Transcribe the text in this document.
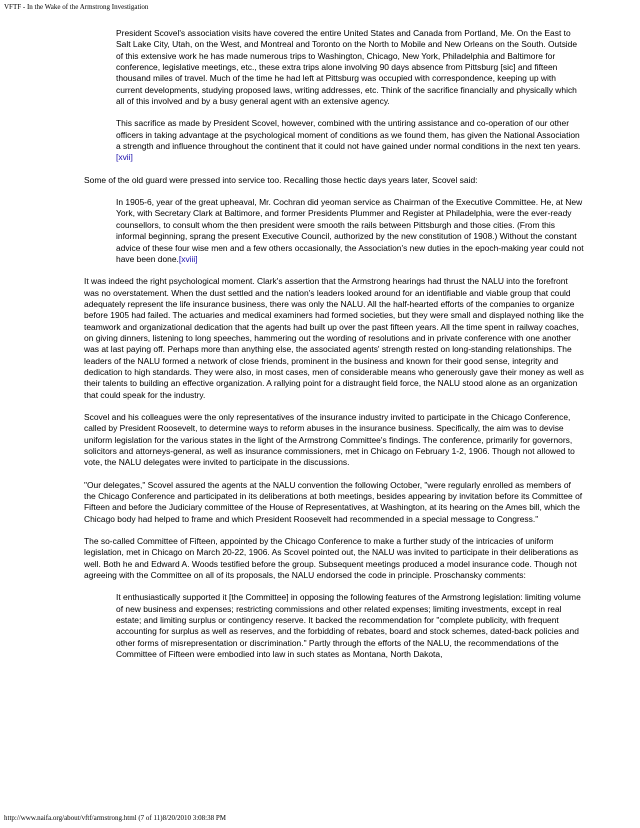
VFTF - In the Wake of the Armstrong Investigation

President Scovel's association visits have covered the entire United States and Canada from Portland, Me. On the East to Salt Lake City, Utah, on the West, and Montreal and Toronto on the North to Mobile and New Orleans on the South. Outside of this extensive work he has made numerous trips to Washington, Chicago, New York, Philadelphia and Baltimore for conference, legislative meetings, etc., these extra trips alone involving 90 days absence from Pittsburg [sic] and fifteen thousand miles of travel. Much of the time he had left at Pittsburg was occupied with correspondence, keeping up with current developments, studying proposed laws, writing addresses, etc. Think of the sacrifice financially and physically which all of this involved and by a busy general agent with an extensive agency.

This sacrifice as made by President Scovel, however, combined with the untiring assistance and co-operation of our other officers in taking advantage at the psychological moment of conditions as we found them, has given the National Association a strength and influence throughout the continent that it could not have gained under normal conditions in the next ten years.[xvii]

Some of the old guard were pressed into service too. Recalling those hectic days years later, Scovel said:

In 1905-6, year of the great upheaval, Mr. Cochran did yeoman service as Chairman of the Executive Committee. He, at New York, with Secretary Clark at Baltimore, and former Presidents Plummer and Register at Philadelphia, were the ever-ready counsellors, to consult whom the then president were smooth the rails between Pittsburgh and those cities. (From this informal beginning, sprang the present Executive Council, authorized by the new constitution of 1908.) Without the constant advice of these four wise men and a few others occasionally, the Association's new duties in the epoch-making year could not have been done.[xviii]

It was indeed the right psychological moment. Clark's assertion that the Armstrong hearings had thrust the NALU into the forefront was no overstatement. When the dust settled and the nation's leaders looked around for an identifiable and viable group that could adequately represent the life insurance business, there was only the NALU. All the half-hearted efforts of the companies to organize before 1905 had failed. The actuaries and medical examiners had formed societies, but they were small and displayed nothing like the teamwork and organizational dedication that the agents had built up over the past fifteen years. All the time spent in railway coaches, on giving dinners, listening to long speeches, hammering out the wording of resolutions and in private conference with one another was at last paying off. Perhaps more than anything else, the associated agents' strength rested on long-standing relationships. The leaders of the NALU formed a network of close friends, prominent in the business and known for their good sense, integrity and dedication to high standards. They were also, in most cases, men of considerable means who generously gave their money as well as their talents to building an effective organization. A rallying point for a distraught field force, the NALU stood alone as an organization that could speak for the industry.

Scovel and his colleagues were the only representatives of the insurance industry invited to participate in the Chicago Conference, called by President Roosevelt, to determine ways to reform abuses in the insurance business. Specifically, the aim was to devise uniform legislation for the various states in the light of the Armstrong Committee's findings. The conference, primarily for governors, solicitors and attorneys-general, as well as insurance commissioners, met in Chicago on February 1-2, 1906. Though not allowed to vote, the NALU delegates were invited to participate in the discussions.

"Our delegates," Scovel assured the agents at the NALU convention the following October, "were regularly enrolled as members of the Chicago Conference and participated in its deliberations at both meetings, besides appearing by invitation before its Committee of Fifteen and before the Judiciary committee of the House of Representatives, at Washington, at its hearing on the Ames bill, which the Chicago body had helped to frame and which President Roosevelt had recommended in a special message to Congress."

The so-called Committee of Fifteen, appointed by the Chicago Conference to make a further study of the intricacies of uniform legislation, met in Chicago on March 20-22, 1906. As Scovel pointed out, the NALU was invited to participate in their deliberations as well. Both he and Edward A. Woods testified before the group. Subsequent meetings produced a model insurance code. Though not agreeing with the Committee on all of its proposals, the NALU endorsed the code in principle. Proschansky comments:

It enthusiastically supported it [the Committee] in opposing the following features of the Armstrong legislation: limiting volume of new business and expenses; restricting commissions and other related expenses; limiting investments, except in real estate; and limiting surplus or contingency reserve. It backed the recommendation for "complete publicity, with frequent accounting for surplus as well as reserves, and the forbidding of rebates, board and stock schemes, dated-back policies and other forms of misrepresentation or discrimination." Partly through the efforts of the NALU, the recommendations of the Committee of Fifteen were embodied into law in such states as Montana, North Dakota,

http://www.naifa.org/about/vftf/armstrong.html (7 of 11)8/20/2010 3:08:38 PM
